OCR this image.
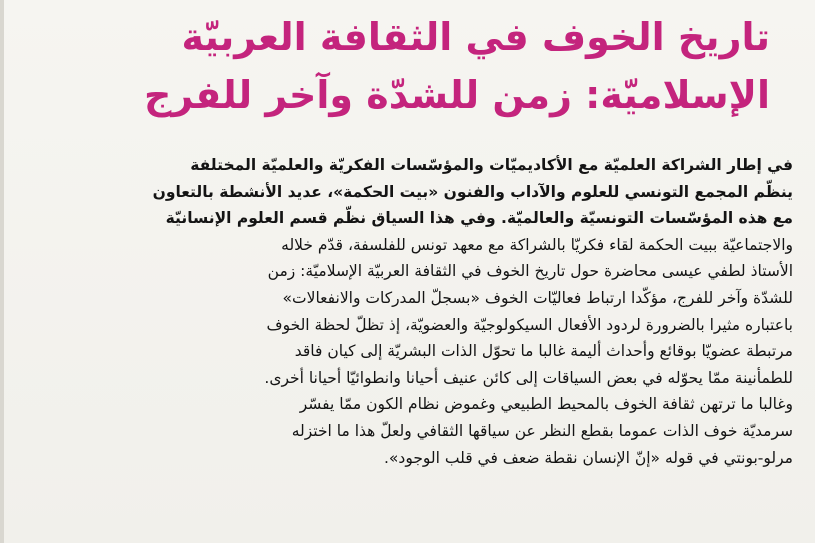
تاريخ الخوف في الثقافة العربيّة
الإسلاميّة: زمن للشدّة وآخر للفرج
في إطار الشراكة العلميّة مع الأكاديميّات والمؤسّسات الفكريّة والعلميّة المختلفة
ينظّم المجمع التونسي للعلوم والآداب والفنون «بيت الحكمة»، عديد الأنشطة بالتعاون
مع هذه المؤسّسات التونسيّة والعالميّة. وفي هذا السياق نظّم قسم العلوم الإنسانيّة
والاجتماعيّة ببيت الحكمة لقاء فكريّا بالشراكة مع معهد تونس للفلسفة، قدّم خلاله
الأستاذ لطفي عيسى محاضرة حول تاريخ الخوف في الثقافة العربيّة الإسلاميّة: زمن
للشدّة وآخر للفرج، مؤكّدا ارتباط فعاليّات الخوف «بسجلّ المدركات والانفعالات»
باعتباره مثيرا بالضرورة لردود الأفعال السيكولوجيّة والعضويّة، إذ تظلّ لحظة الخوف
مرتبطة عضويّا بوقائع وأحداث أليمة غالبا ما تحوّل الذات البشريّة إلى كيان فاقد
للطمأنينة ممّا يحوّله في بعض السياقات إلى كائن عنيف أحيانا وانطوائيّا أحيانا أخرى.
وغالبا ما ترتهن ثقافة الخوف بالمحيط الطبيعي وغموض نظام الكون ممّا يفسّر
سرمديّة خوف الذات عموما بقطع النظر عن سياقها الثقافي ولعلّ هذا ما اختزله
مرلو-بونتي في قوله «إنّ الإنسان نقطة ضعف في قلب الوجود».
